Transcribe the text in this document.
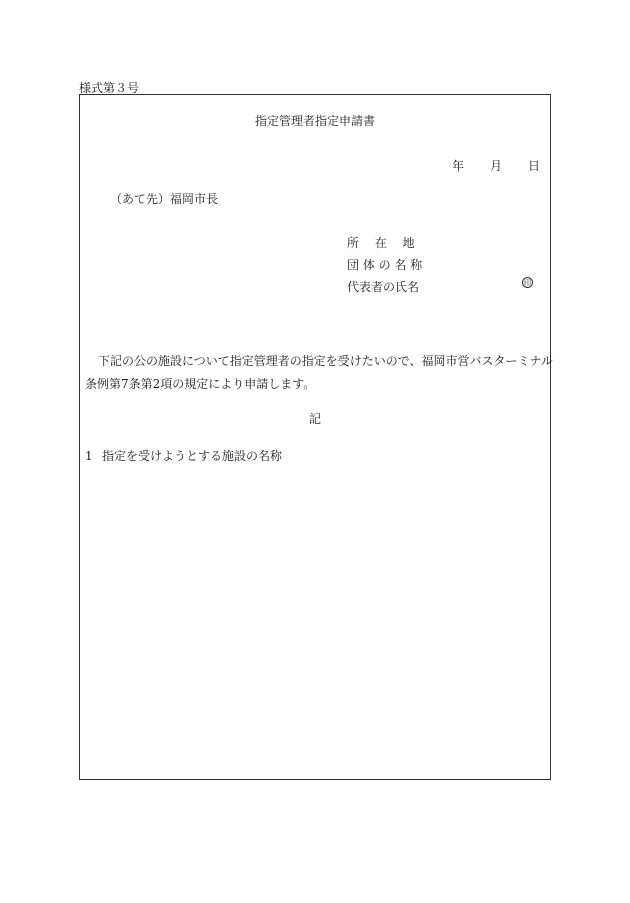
様式第３号
指定管理者指定申請書
年 月 日
（あて先）福岡市長
所　 在　 地
団 体 の 名 称
代表者の氏名	印
下記の公の施設について指定管理者の指定を受けたいので、福岡市営バスターミナル
条例第7条第2項の規定により申請します。
記
1 指定を受けようとする施設の名称
